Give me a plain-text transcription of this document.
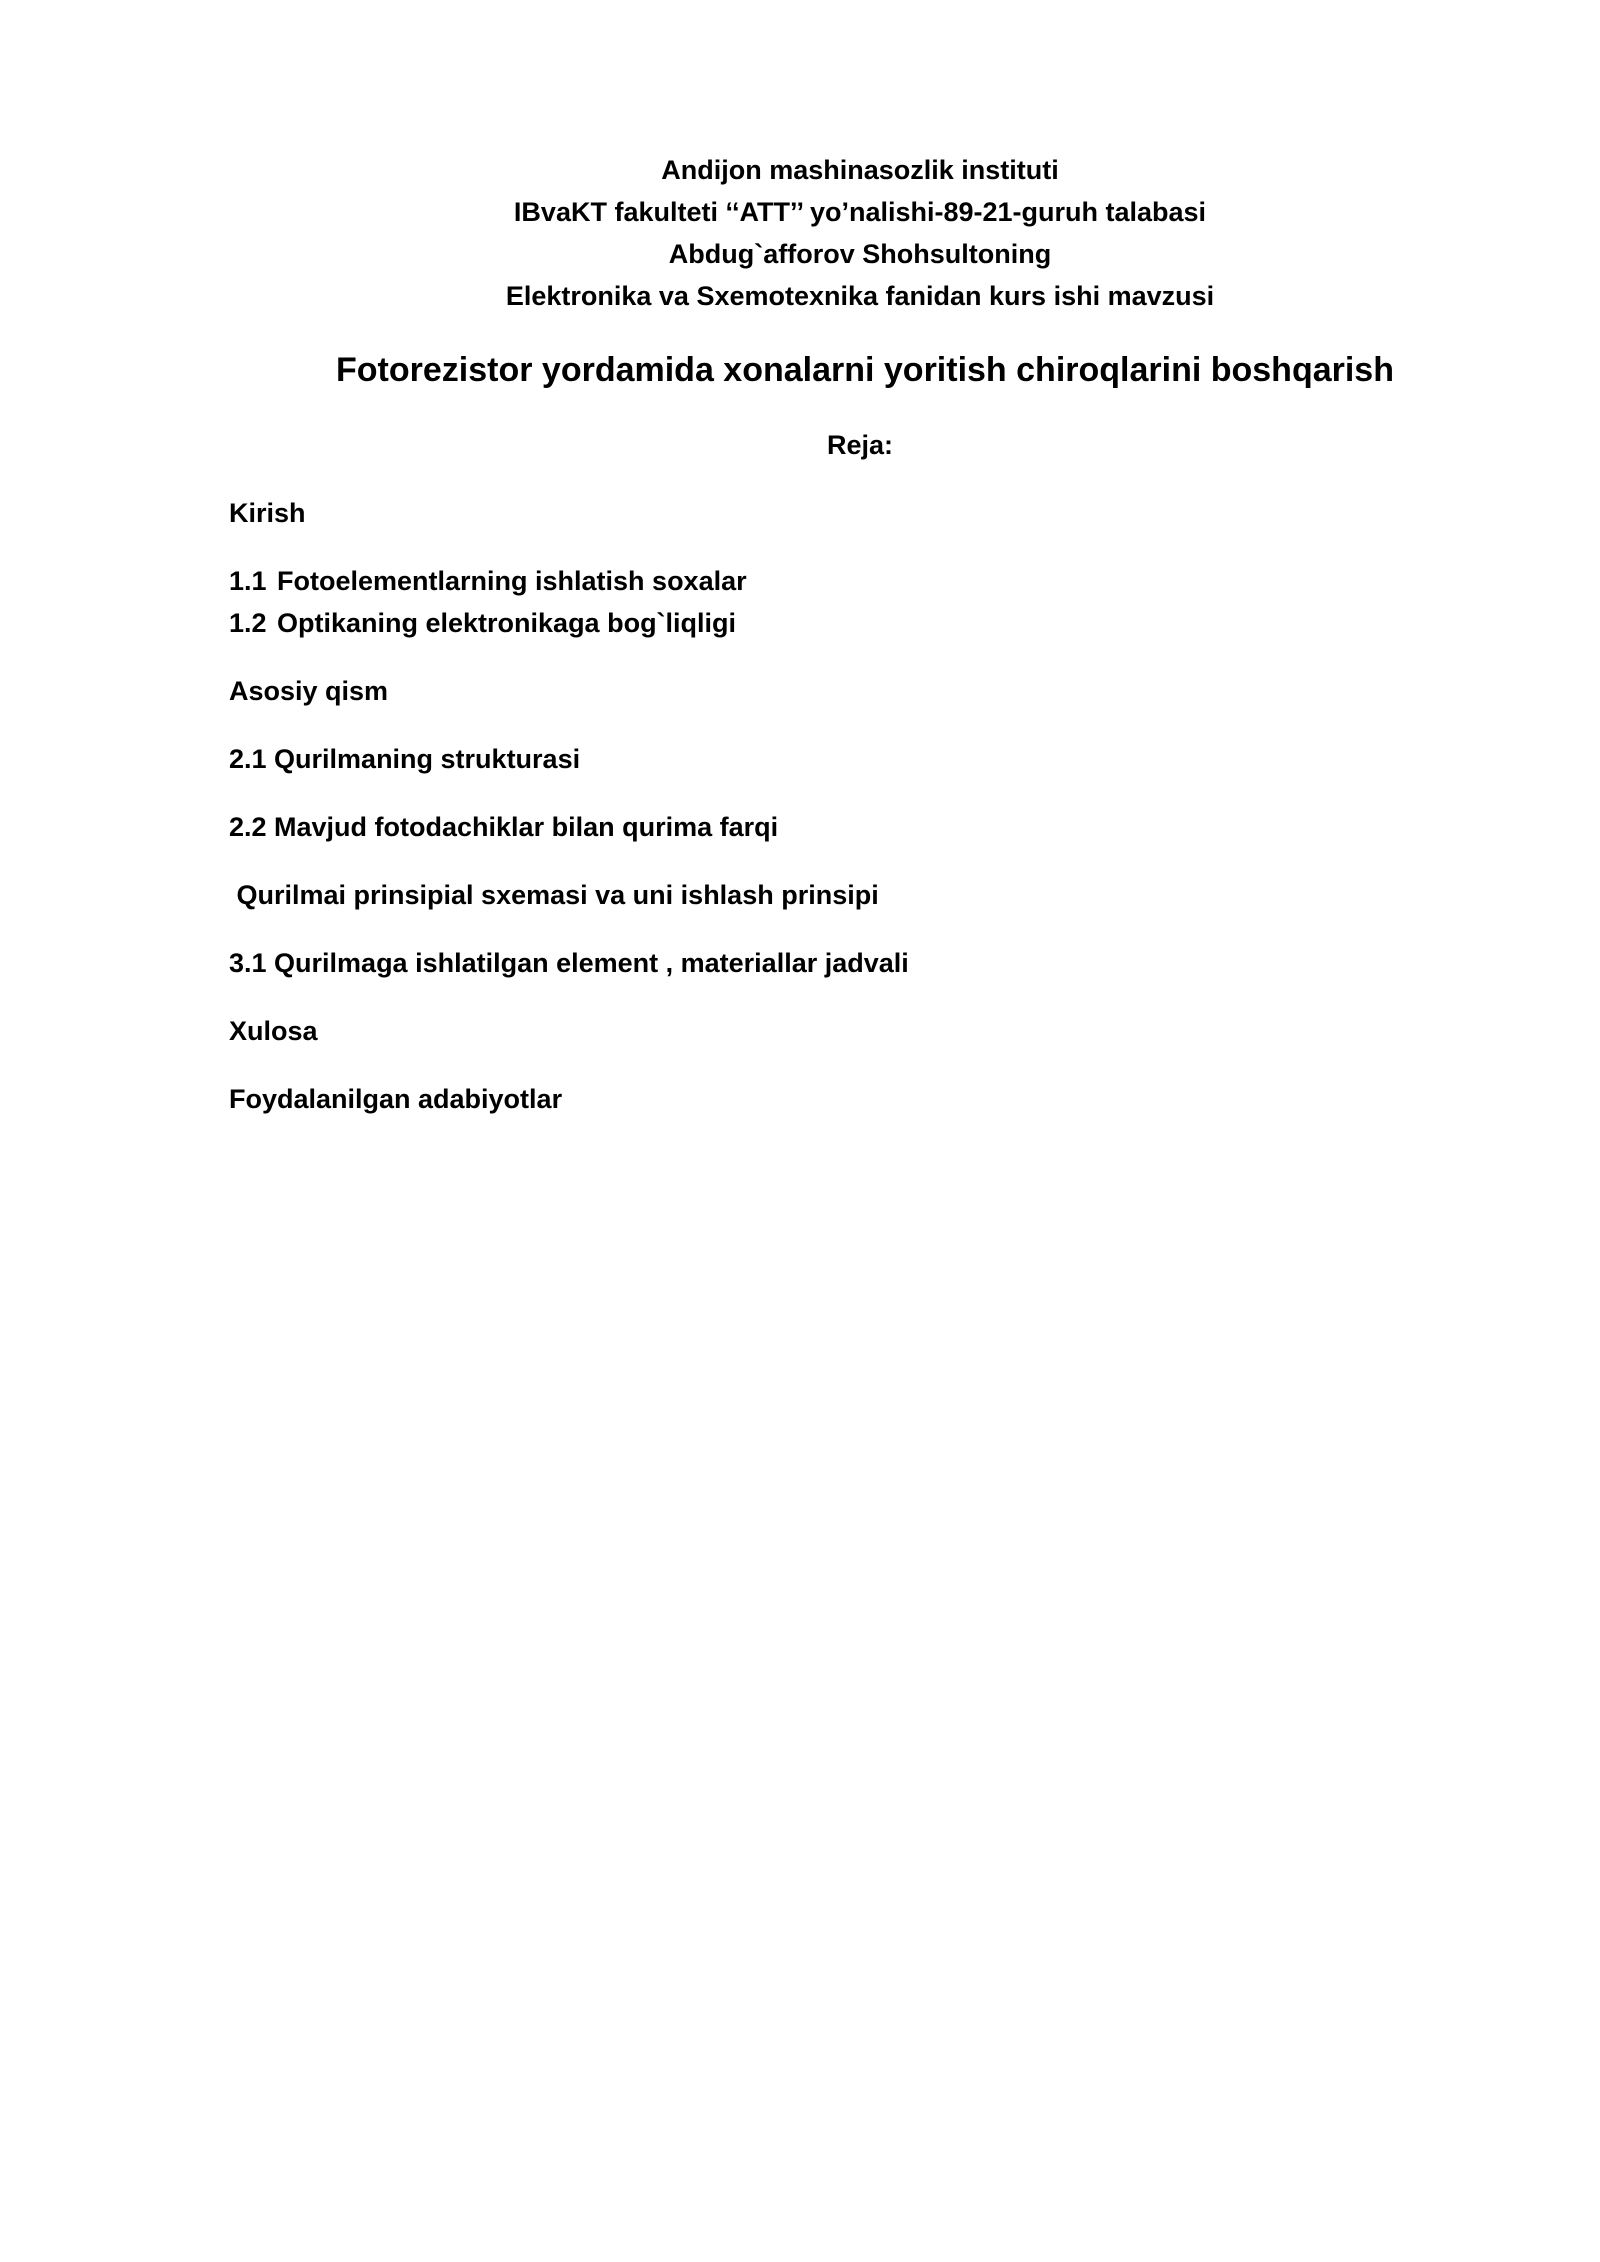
Andijon mashinasozlik instituti
IBvaKT fakulteti ‘‘ATT’’ yo’nalishi-89-21-guruh talabasi
Abdug`afforov Shohsultoning
Elektronika va Sxemotexnika fanidan kurs ishi mavzusi
Fotorezistor yordamida xonalarni yoritish chiroqlarini boshqarish
Reja:
Kirish
1.1 Fotoelementlarning ishlatish soxalar
1.2 Optikaning elektronikaga bog`liqligi
Asosiy qism
2.1 Qurilmaning strukturasi
2.2 Mavjud fotodachiklar bilan qurima farqi
Qurilmai prinsipial sxemasi va uni ishlash prinsipi
3.1 Qurilmaga ishlatilgan element , materiallar jadvali
Xulosa
Foydalanilgan adabiyotlar
